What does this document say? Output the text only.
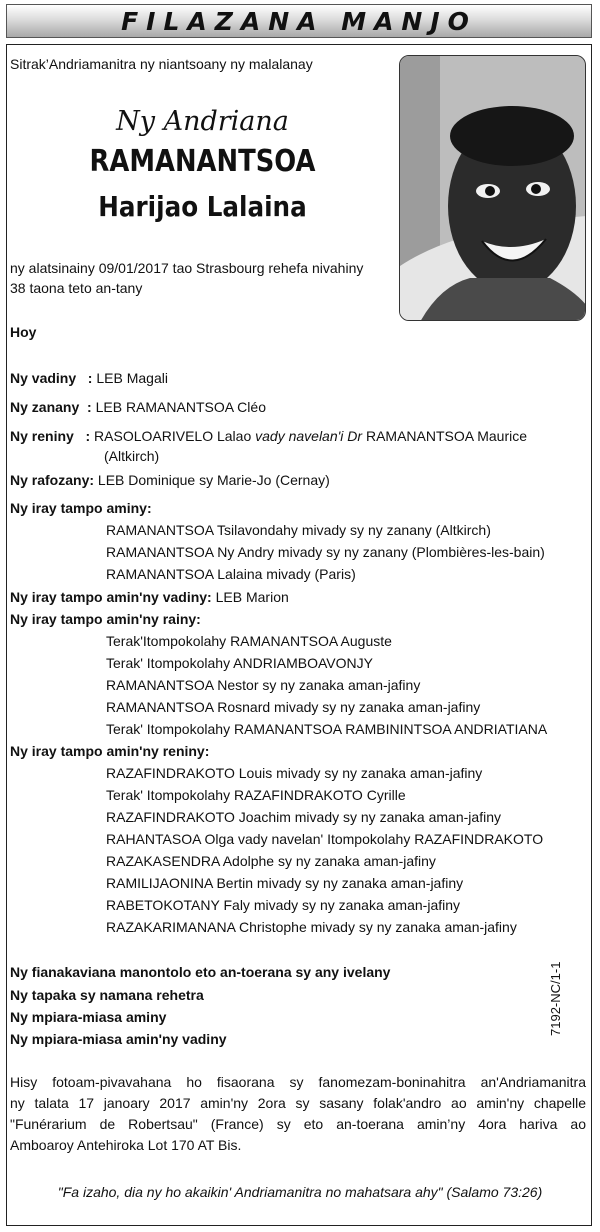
FILAZANA MANJO
Sitrak’Andriamanitra ny niantsoany ny malalanay
Ny Andriana
RAMANANTSOA
Harijao Lalaina
ny alatsinainy 09/01/2017 tao Strasbourg rehefa nivahiny
38 taona teto an-tany
Hoy
Ny vadiny   : LEB Magali
Ny zanany  : LEB RAMANANTSOA Cléo
Ny reniny   : RASOLOARIVELO Lalao vady navelan'i Dr RAMANANTSOA Maurice
(Altkirch)
Ny rafozany: LEB Dominique sy Marie-Jo (Cernay)
Ny iray tampo aminy:
RAMANANTSOA Tsilavondahy mivady sy ny zanany (Altkirch)
RAMANANTSOA Ny Andry mivady sy ny zanany (Plombières-les-bain)
RAMANANTSOA Lalaina mivady (Paris)
Ny iray tampo amin'ny vadiny: LEB Marion
Ny iray tampo amin'ny rainy:
Terak'Itompokolahy RAMANANTSOA Auguste
Terak' Itompokolahy ANDRIAMBOAVONJY
RAMANANTSOA Nestor sy ny zanaka aman-jafiny
RAMANANTSOA Rosnard mivady sy ny zanaka aman-jafiny
Terak' Itompokolahy RAMANANTSOA RAMBININTSOA ANDRIATIANA
Ny iray tampo amin'ny reniny:
RAZAFINDRAKOTO Louis mivady sy ny zanaka aman-jafiny
Terak' Itompokolahy RAZAFINDRAKOTO Cyrille
RAZAFINDRAKOTO Joachim mivady sy ny zanaka aman-jafiny
RAHANTASOA Olga vady navelan' Itompokolahy RAZAFINDRAKOTO
RAZAKASENDRA Adolphe sy ny zanaka aman-jafiny
RAMILIJAONINA Bertin mivady sy ny zanaka aman-jafiny
RABETOKOTANY Faly mivady sy ny zanaka aman-jafiny
RAZAKARIMANANA Christophe mivady sy ny zanaka aman-jafiny
Ny fianakaviana manontolo eto an-toerana sy any ivelany
Ny tapaka sy namana rehetra
Ny mpiara-miasa aminy
Ny mpiara-miasa amin'ny vadiny
7192-NC/1-1
Hisy fotoam-pivavahana ho fisaorana sy fanomezam-boninahitra an'Andriamanitra
ny talata 17 janoary 2017 amin'ny 2ora sy sasany folak'andro ao amin'ny chapelle
"Funérarium de Robertsau" (France) sy eto an-toerana amin’ny 4ora hariva ao
Amboaroy Antehiroka Lot 170 AT Bis.
"Fa izaho, dia ny ho akaikin' Andriamanitra no mahatsara ahy" (Salamo 73:26)
